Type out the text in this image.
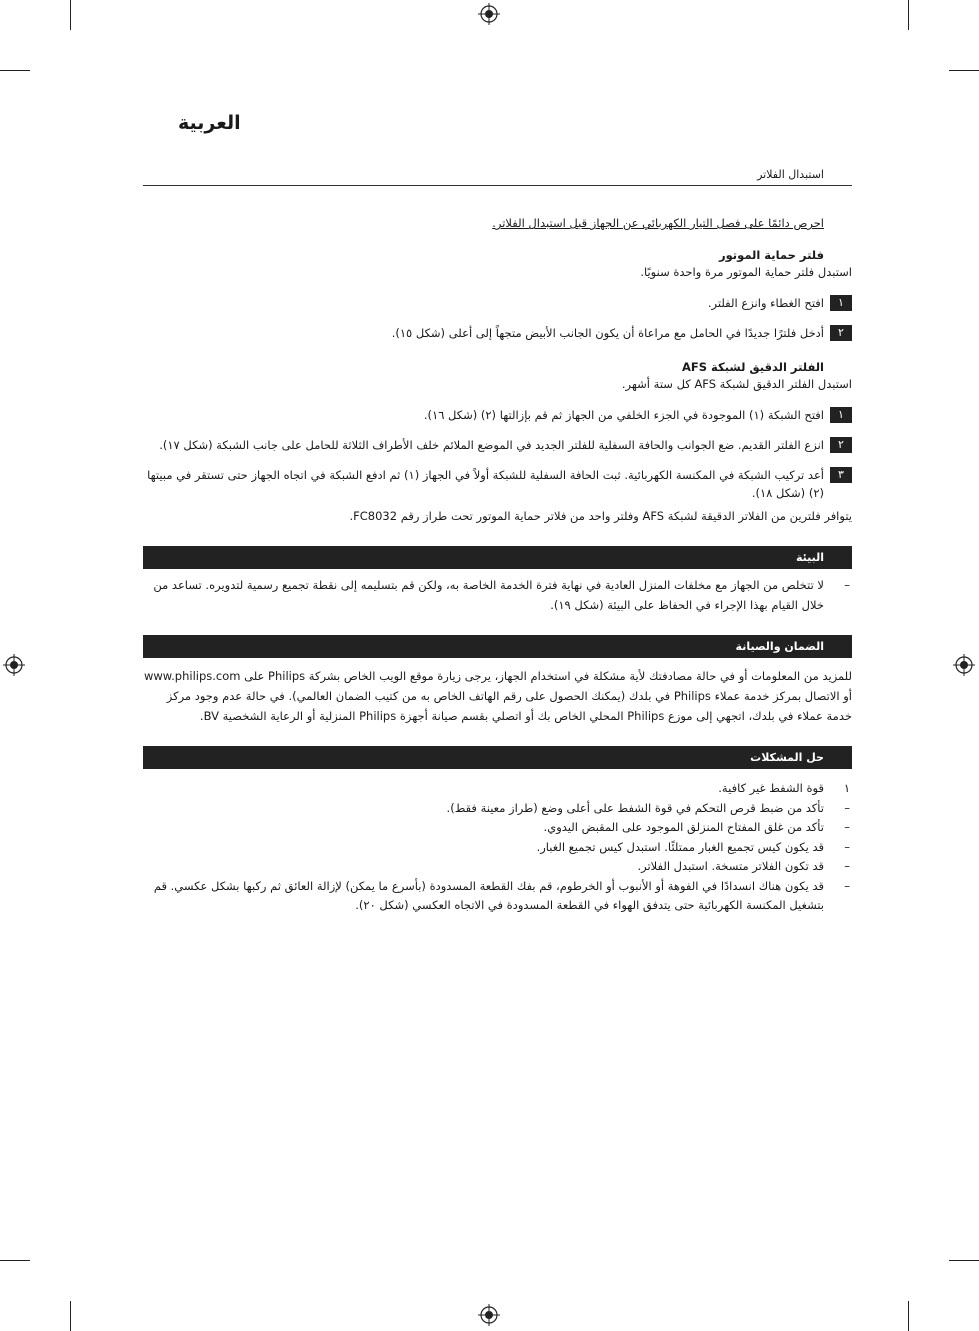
العربية
استبدال الفلاتر
احرص دائمًا على فصل التيار الكهربائي عن الجهاز قبل استبدال الفلاتر.
فلتر حماية الموتور
استبدل فلتر حماية الموتور مرة واحدة سنويًا.
١
افتح الغطاء وانزع الفلتر.
٢
أدخل فلترًا جديدًا في الحامل مع مراعاة أن يكون الجانب الأبيض متجهاً إلى أعلى (شكل ١٥).
الفلتر الدقيق لشبكة AFS
استبدل الفلتر الدقيق لشبكة AFS كل ستة أشهر.
١
افتح الشبكة (١) الموجودة في الجزء الخلفي من الجهاز ثم قم بإزالتها (٢) (شكل ١٦).
٢
انزع الفلتر القديم. ضع الجوانب والحافة السفلية للفلتر الجديد في الموضع الملائم خلف الأطراف الثلاثة للحامل على جانب الشبكة (شكل ١٧).
٣
أعد تركيب الشبكة في المكنسة الكهربائية. ثبت الحافة السفلية للشبكة أولاً في الجهاز (١) ثم ادفع الشبكة في اتجاه الجهاز حتى تستقر في مبيتها (٢) (شكل ١٨).
يتوافر فلترين من الفلاتر الدقيقة لشبكة AFS وفلتر واحد من فلاتر حماية الموتور تحت طراز رقم FC8032.
البيئة
–
لا تتخلص من الجهاز مع مخلفات المنزل العادية في نهاية فترة الخدمة الخاصة به، ولكن قم بتسليمه إلى نقطة تجميع رسمية لتدويره. تساعد من خلال القيام بهذا الإجراء في الحفاظ على البيئة (شكل ١٩).
الضمان والصيانة
للمزيد من المعلومات أو في حالة مصادفتك لأية مشكلة في استخدام الجهاز، يرجى زيارة موقع الويب الخاص بشركة Philips على www.philips.com أو الاتصال بمركز خدمة عملاء Philips في بلدك (يمكنك الحصول على رقم الهاتف الخاص به من كتيب الضمان العالمي). في حالة عدم وجود مركز خدمة عملاء في بلدك، اتجهي إلى موزع Philips المحلي الخاص بك أو اتصلي بقسم صيانة أجهزة Philips المنزلية أو الرعاية الشخصية BV.
حل المشكلات
١
قوة الشفط غير كافية.
–
تأكد من ضبط قرص التحكم في قوة الشفط على أعلى وضع (طراز معينة فقط).
–
تأكد من غلق المفتاح المنزلق الموجود على المقبض اليدوي.
–
قد يكون كيس تجميع الغبار ممتلئًا. استبدل كيس تجميع الغبار.
–
قد تكون الفلاتر متسخة. استبدل الفلاتر.
–
قد يكون هناك انسدادًا في الفوهة أو الأنبوب أو الخرطوم، قم بفك القطعة المسدودة (بأسرع ما يمكن) لإزالة العائق ثم ركبها بشكل عكسي. قم بتشغيل المكنسة الكهربائية حتى يتدفق الهواء في القطعة المسدودة في الاتجاه العكسي (شكل ٢٠).
